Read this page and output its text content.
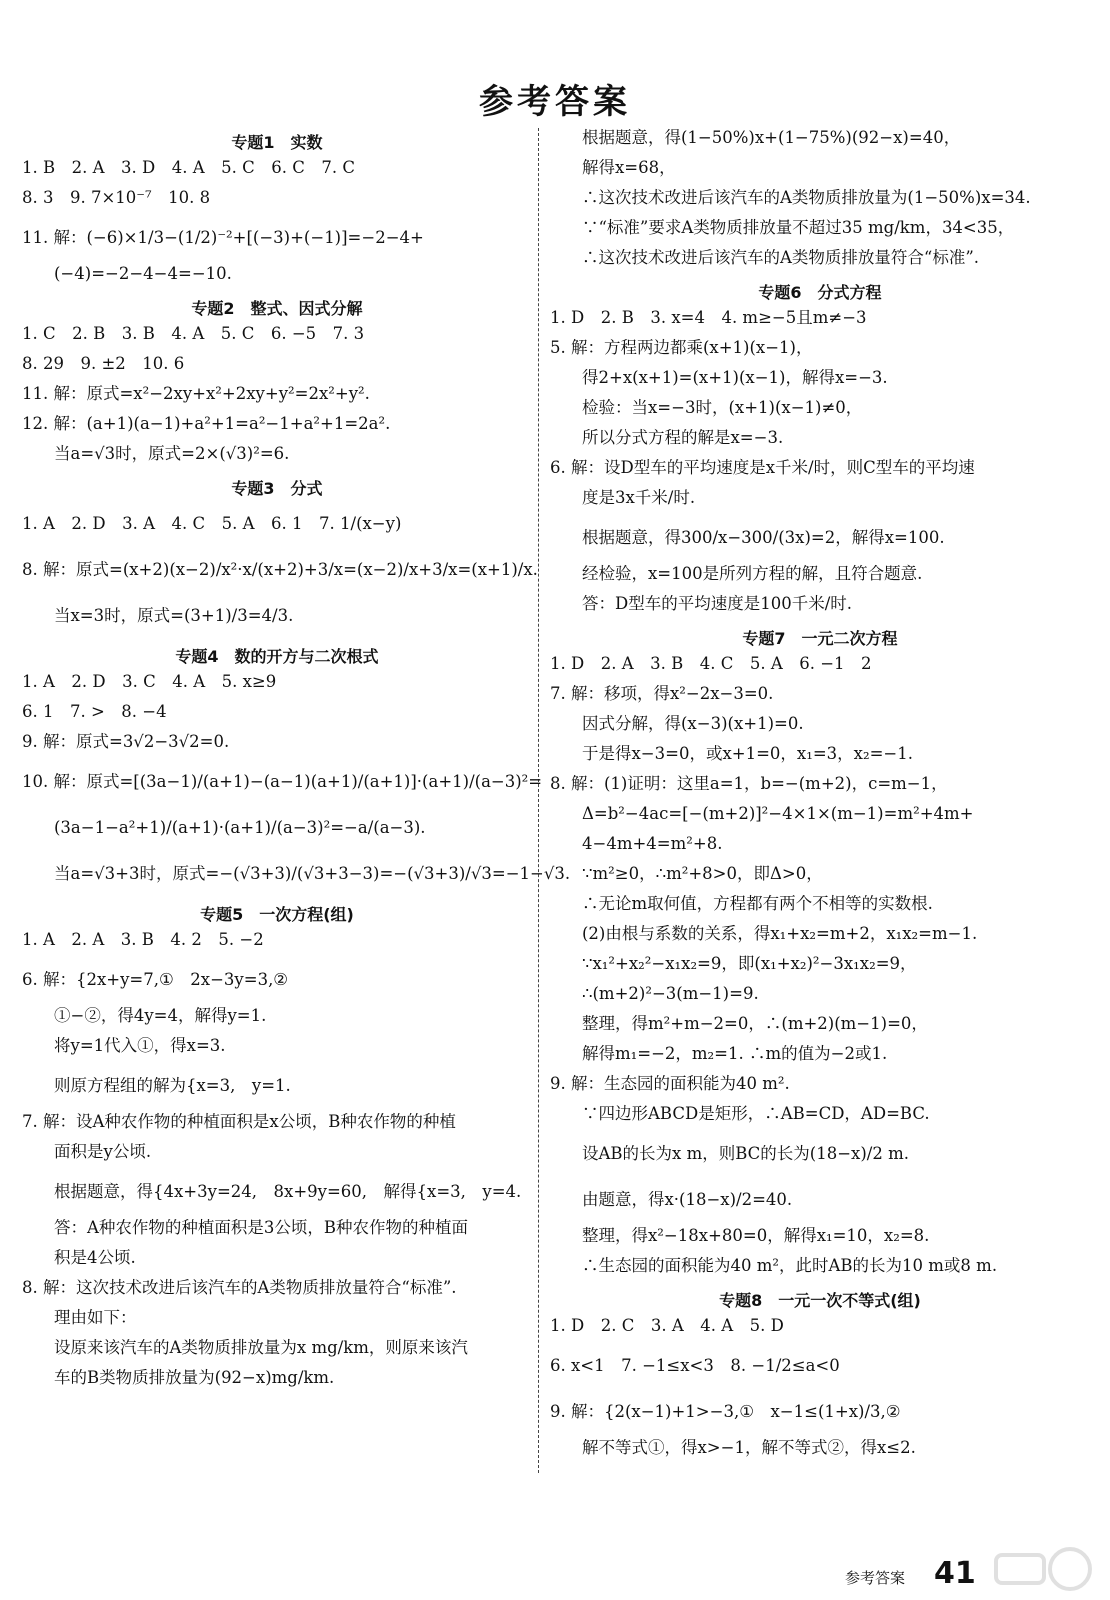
参考答案
专题1　实数
1. B　2. A　3. D　4. A　5. C　6. C　7. C
8. 3　9. 7×10⁻⁷　10. 8
11. 解：(−6)×1/3−(1/2)⁻²+[(−3)+(−1)]=−2−4+
(−4)=−2−4−4=−10.
专题2　整式、因式分解
1. C　2. B　3. B　4. A　5. C　6. −5　7. 3
8. 29　9. ±2　10. 6
11. 解：原式=x²−2xy+x²+2xy+y²=2x²+y².
12. 解：(a+1)(a−1)+a²+1=a²−1+a²+1=2a².
当a=√3时，原式=2×(√3)²=6.
专题3　分式
1. A　2. D　3. A　4. C　5. A　6. 1　7. 1/(x−y)
8. 解：原式=(x+2)(x−2)/x²·x/(x+2)+3/x=(x−2)/x+3/x=(x+1)/x.
当x=3时，原式=(3+1)/3=4/3.
专题4　数的开方与二次根式
1. A　2. D　3. C　4. A　5. x≥9
6. 1　7. >　8. −4
9. 解：原式=3√2−3√2=0.
10. 解：原式=[(3a−1)/(a+1)−(a−1)(a+1)/(a+1)]·(a+1)/(a−3)²=
(3a−1−a²+1)/(a+1)·(a+1)/(a−3)²=−a/(a−3).
当a=√3+3时，原式=−(√3+3)/(√3+3−3)=−(√3+3)/√3=−1−√3.
专题5　一次方程(组)
1. A　2. A　3. B　4. 2　5. −2
6. 解：{2x+y=7,①　2x−3y=3,②
①−②，得4y=4，解得y=1.
将y=1代入①，得x=3.
则原方程组的解为{x=3,　y=1.
7. 解：设A种农作物的种植面积是x公顷，B种农作物的种植
面积是y公顷.
根据题意，得{4x+3y=24,　8x+9y=60,　解得{x=3,　y=4.
答：A种农作物的种植面积是3公顷，B种农作物的种植面
积是4公顷.
8. 解：这次技术改进后该汽车的A类物质排放量符合“标准”.
理由如下：
设原来该汽车的A类物质排放量为x mg/km，则原来该汽
车的B类物质排放量为(92−x)mg/km.
根据题意，得(1−50%)x+(1−75%)(92−x)=40，
解得x=68，
∴这次技术改进后该汽车的A类物质排放量为(1−50%)x=34.
∵“标准”要求A类物质排放量不超过35 mg/km，34<35，
∴这次技术改进后该汽车的A类物质排放量符合“标准”.
专题6　分式方程
1. D　2. B　3. x=4　4. m≥−5且m≠−3
5. 解：方程两边都乘(x+1)(x−1)，
得2+x(x+1)=(x+1)(x−1)，解得x=−3.
检验：当x=−3时，(x+1)(x−1)≠0，
所以分式方程的解是x=−3.
6. 解：设D型车的平均速度是x千米/时，则C型车的平均速
度是3x千米/时.
根据题意，得300/x−300/(3x)=2，解得x=100.
经检验，x=100是所列方程的解，且符合题意.
答：D型车的平均速度是100千米/时.
专题7　一元二次方程
1. D　2. A　3. B　4. C　5. A　6. −1　2
7. 解：移项，得x²−2x−3=0.
因式分解，得(x−3)(x+1)=0.
于是得x−3=0，或x+1=0，x₁=3，x₂=−1.
8. 解：(1)证明：这里a=1，b=−(m+2)，c=m−1，
Δ=b²−4ac=[−(m+2)]²−4×1×(m−1)=m²+4m+
4−4m+4=m²+8.
∵m²≥0，∴m²+8>0，即Δ>0，
∴无论m取何值，方程都有两个不相等的实数根.
(2)由根与系数的关系，得x₁+x₂=m+2，x₁x₂=m−1.
∵x₁²+x₂²−x₁x₂=9，即(x₁+x₂)²−3x₁x₂=9，
∴(m+2)²−3(m−1)=9.
整理，得m²+m−2=0，∴(m+2)(m−1)=0，
解得m₁=−2，m₂=1. ∴m的值为−2或1.
9. 解：生态园的面积能为40 m².
∵四边形ABCD是矩形，∴AB=CD，AD=BC.
设AB的长为x m，则BC的长为(18−x)/2 m.
由题意，得x·(18−x)/2=40.
整理，得x²−18x+80=0，解得x₁=10，x₂=8.
∴生态园的面积能为40 m²，此时AB的长为10 m或8 m.
专题8　一元一次不等式(组)
1. D　2. C　3. A　4. A　5. D
6. x<1　7. −1≤x<3　8. −1/2≤a<0
9. 解：{2(x−1)+1>−3,①　x−1≤(1+x)/3,②
解不等式①，得x>−1，解不等式②，得x≤2.
参考答案 41
